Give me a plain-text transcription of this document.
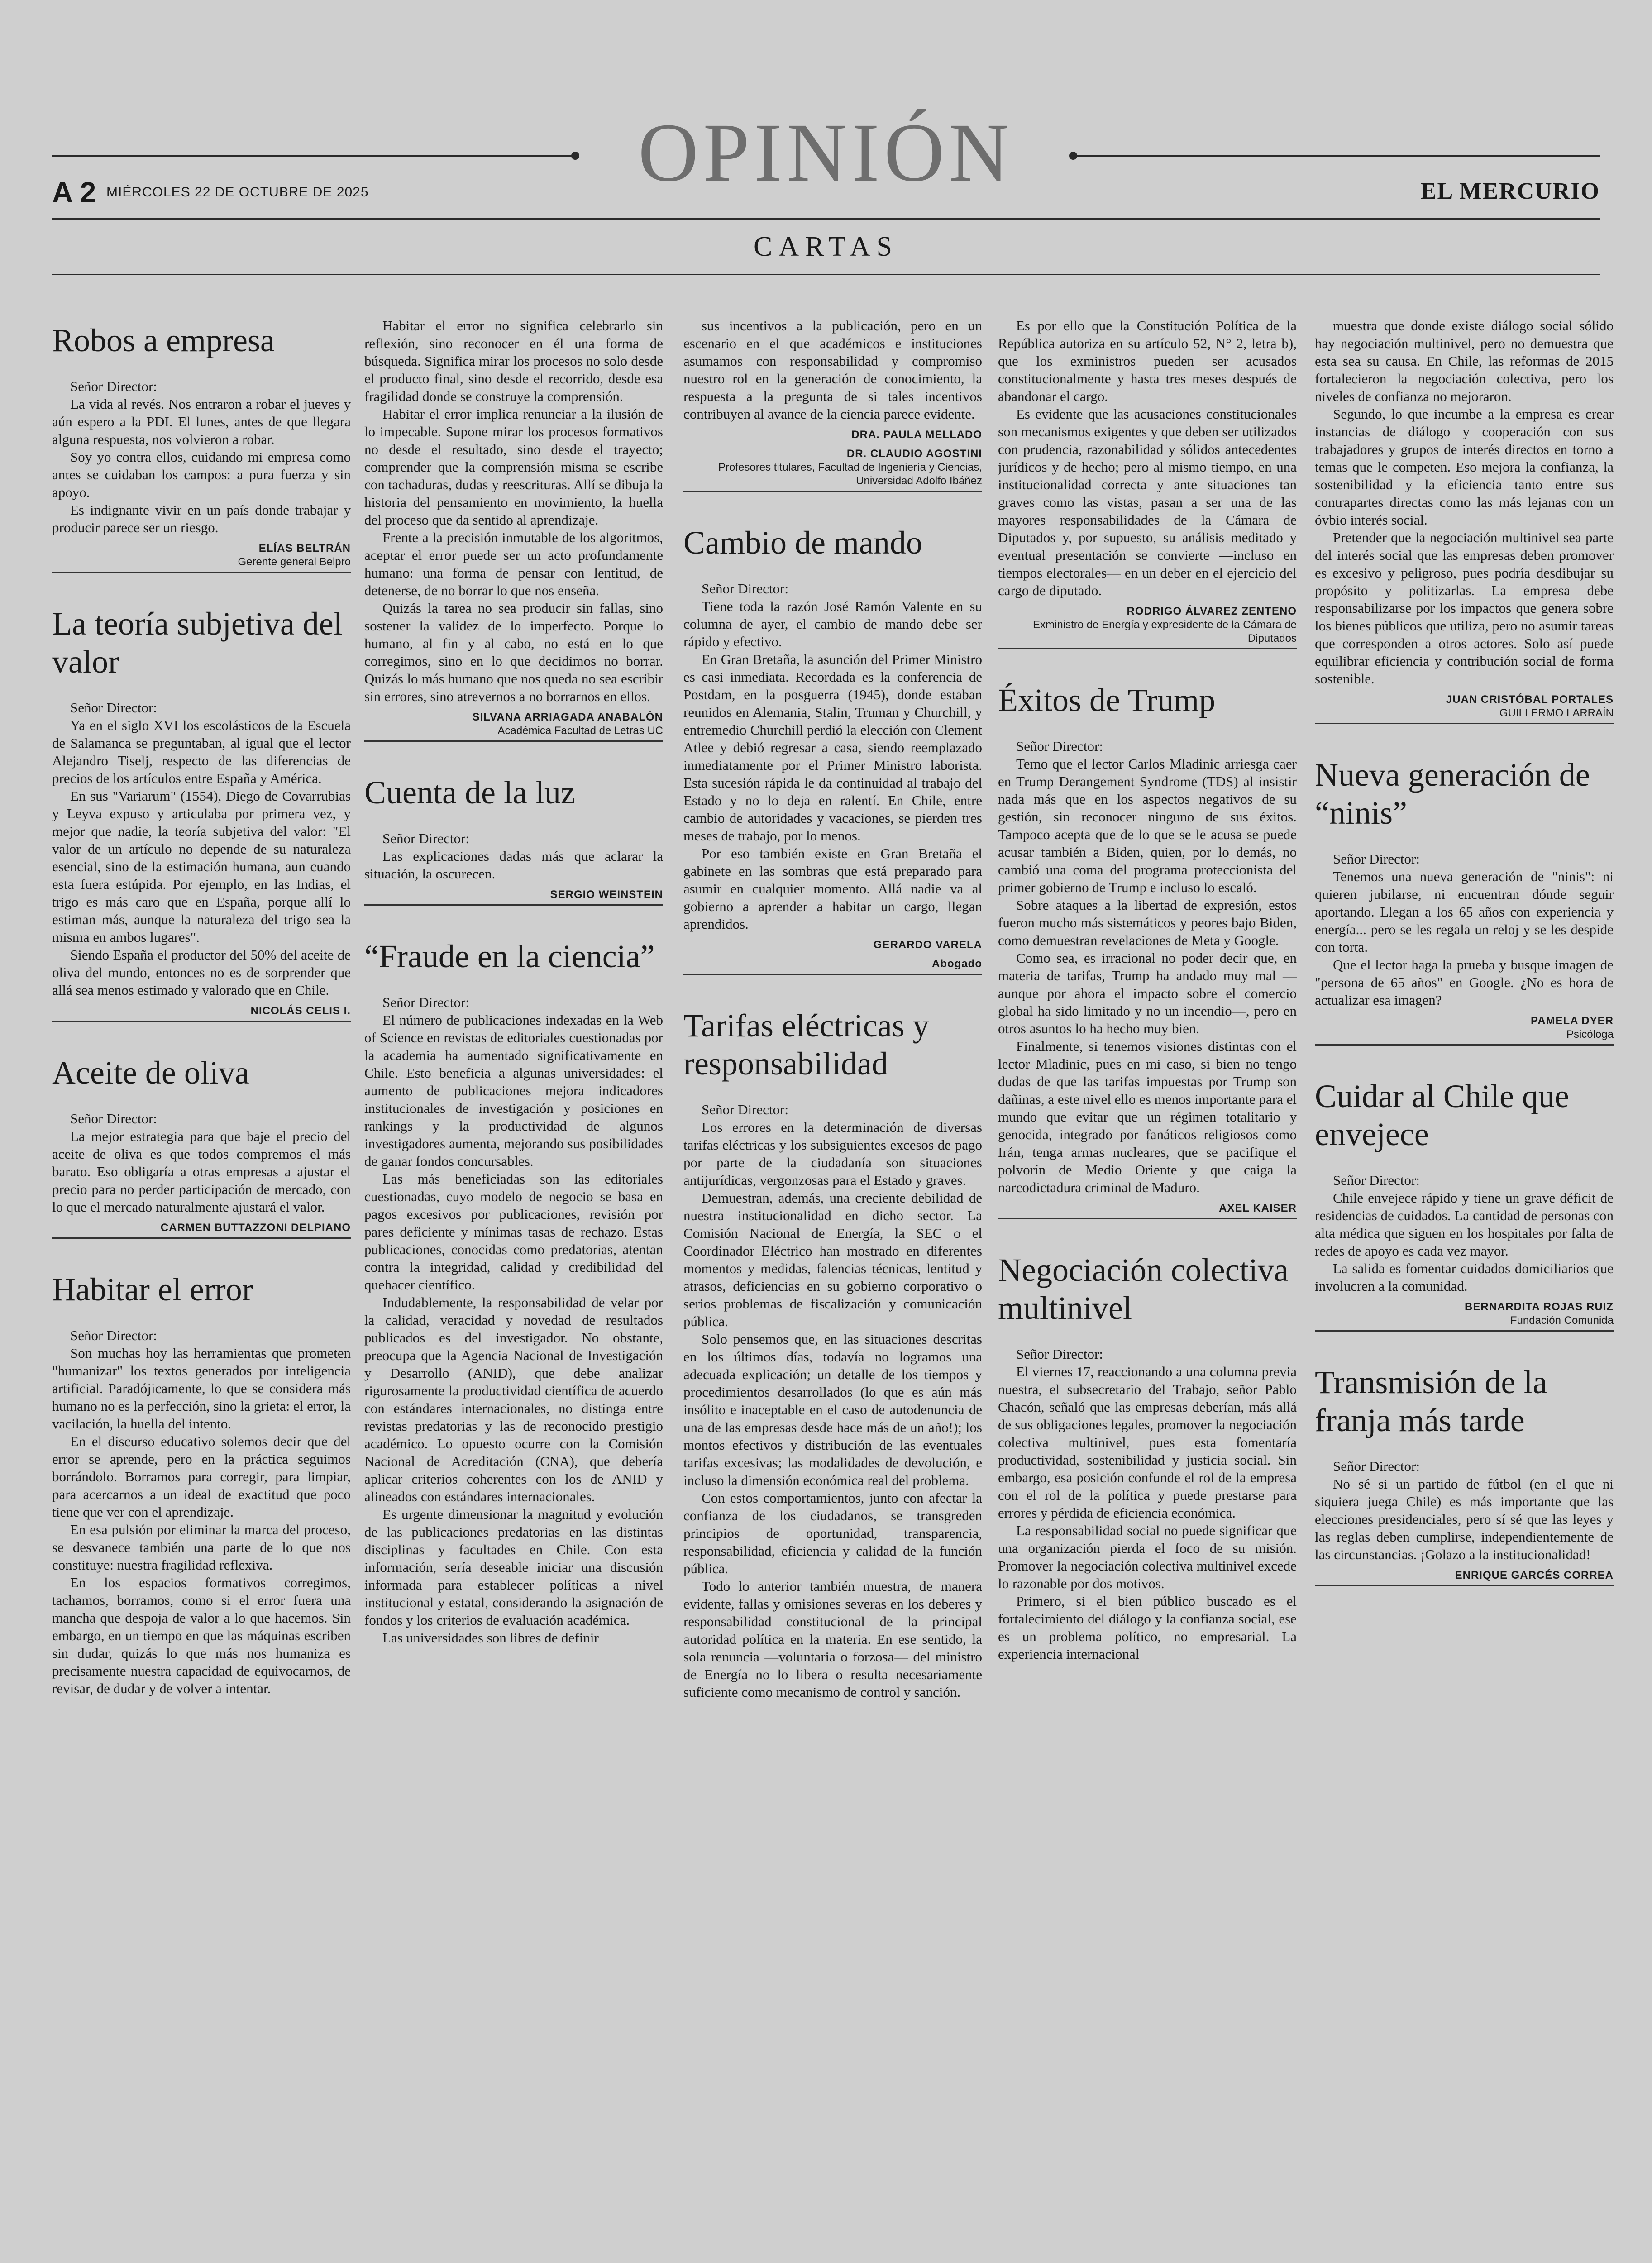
OPINIÓN
A 2 MIÉRCOLES 22 DE OCTUBRE DE 2025	EL MERCURIO
CARTAS
Robos a empresa
Señor Director:

La vida al revés. Nos entraron a robar el jueves y aún espero a la PDI. El lunes, antes de que llegara alguna respuesta, nos volvieron a robar.

Soy yo contra ellos, cuidando mi empresa como antes se cuidaban los campos: a pura fuerza y sin apoyo.

Es indignante vivir en un país donde trabajar y producir parece ser un riesgo.

ELÍAS BELTRÁN
Gerente general Belpro
La teoría subjetiva del valor
Señor Director:

Ya en el siglo XVI los escolásticos de la Escuela de Salamanca se preguntaban, al igual que el lector Alejandro Tiselj, respecto de las diferencias de precios de los artículos entre España y América.

En sus "Variarum" (1554), Diego de Covarrubias y Leyva expuso y articulaba por primera vez, y mejor que nadie, la teoría subjetiva del valor: "El valor de un artículo no depende de su naturaleza esencial, sino de la estimación humana, aun cuando esta fuera estúpida. Por ejemplo, en las Indias, el trigo es más caro que en España, porque allí lo estiman más, aunque la naturaleza del trigo sea la misma en ambos lugares".

Siendo España el productor del 50% del aceite de oliva del mundo, entonces no es de sorprender que allá sea menos estimado y valorado que en Chile.

NICOLÁS CELIS I.
Aceite de oliva
Señor Director:

La mejor estrategia para que baje el precio del aceite de oliva es que todos compremos el más barato. Eso obligaría a otras empresas a ajustar el precio para no perder participación de mercado, con lo que el mercado naturalmente ajustará el valor.

CARMEN BUTTAZZONI DELPIANO
Habitar el error
Señor Director:

Son muchas hoy las herramientas que prometen "humanizar" los textos generados por inteligencia artificial. Paradójicamente, lo que se considera más humano no es la perfección, sino la grieta: el error, la vacilación, la huella del intento.

En el discurso educativo solemos decir que del error se aprende, pero en la práctica seguimos borrándolo. Borramos para corregir, para limpiar, para acercarnos a un ideal de exactitud que poco tiene que ver con el aprendizaje.

En esa pulsión por eliminar la marca del proceso, se desvanece también una parte de lo que nos constituye: nuestra fragilidad reflexiva.

En los espacios formativos corregimos, tachamos, borramos, como si el error fuera una mancha que despoja de valor a lo que hacemos. Sin embargo, en un tiempo en que las máquinas escriben sin dudar, quizás lo que más nos humaniza es precisamente nuestra capacidad de equivocarnos, de revisar, de dudar y de volver a intentar.

Habitar el error no significa celebrarlo sin reflexión, sino reconocer en él una forma de búsqueda. Significa mirar los procesos no solo desde el producto final, sino desde el recorrido, desde esa fragilidad donde se construye la comprensión.

Habitar el error implica renunciar a la ilusión de lo impecable. Supone mirar los procesos formativos no desde el resultado, sino desde el trayecto; comprender que la comprensión misma se escribe con tachaduras, dudas y reescrituras. Allí se dibuja la historia del pensamiento en movimiento, la huella del proceso que da sentido al aprendizaje.

Frente a la precisión inmutable de los algoritmos, aceptar el error puede ser un acto profundamente humano: una forma de pensar con lentitud, de detenerse, de no borrar lo que nos enseña.

Quizás la tarea no sea producir sin fallas, sino sostener la validez de lo imperfecto. Porque lo humano, al fin y al cabo, no está en lo que corregimos, sino en lo que decidimos no borrar. Quizás lo más humano que nos queda no sea escribir sin errores, sino atrevernos a no borrarnos en ellos.

SILVANA ARRIAGADA ANABALÓN
Académica Facultad de Letras UC
Cuenta de la luz
Señor Director:

Las explicaciones dadas más que aclarar la situación, la oscurecen.

SERGIO WEINSTEIN
“Fraude en la ciencia”
Señor Director:

El número de publicaciones indexadas en la Web of Science en revistas de editoriales cuestionadas por la academia ha aumentado significativamente en Chile. Esto beneficia a algunas universidades: el aumento de publicaciones mejora indicadores institucionales de investigación y posiciones en rankings y la productividad de algunos investigadores aumenta, mejorando sus posibilidades de ganar fondos concursables.

Las más beneficiadas son las editoriales cuestionadas, cuyo modelo de negocio se basa en pagos excesivos por publicaciones, revisión por pares deficiente y mínimas tasas de rechazo. Estas publicaciones, conocidas como predatorias, atentan contra la integridad, calidad y credibilidad del quehacer científico.

Indudablemente, la responsabilidad de velar por la calidad, veracidad y novedad de resultados publicados es del investigador. No obstante, preocupa que la Agencia Nacional de Investigación y Desarrollo (ANID), que debe analizar rigurosamente la productividad científica de acuerdo con estándares internacionales, no distinga entre revistas predatorias y las de reconocido prestigio académico. Lo opuesto ocurre con la Comisión Nacional de Acreditación (CNA), que debería aplicar criterios coherentes con los de ANID y alineados con estándares internacionales.

Es urgente dimensionar la magnitud y evolución de las publicaciones predatorias en las distintas disciplinas y facultades en Chile. Con esta información, sería deseable iniciar una discusión informada para establecer políticas a nivel institucional y estatal, considerando la asignación de fondos y los criterios de evaluación académica.

Las universidades son libres de definir

sus incentivos a la publicación, pero en un escenario en el que académicos e instituciones asumamos con responsabilidad y compromiso nuestro rol en la generación de conocimiento, la respuesta a la pregunta de si tales incentivos contribuyen al avance de la ciencia parece evidente.

DRA. PAULA MELLADO
DR. CLAUDIO AGOSTINI
Profesores titulares, Facultad de Ingeniería y Ciencias, Universidad Adolfo Ibáñez
Cambio de mando
Señor Director:

Tiene toda la razón José Ramón Valente en su columna de ayer, el cambio de mando debe ser rápido y efectivo.

En Gran Bretaña, la asunción del Primer Ministro es casi inmediata. Recordada es la conferencia de Postdam, en la posguerra (1945), donde estaban reunidos en Alemania, Stalin, Truman y Churchill, y entremedio Churchill perdió la elección con Clement Atlee y debió regresar a casa, siendo reemplazado inmediatamente por el Primer Ministro laborista. Esta sucesión rápida le da continuidad al trabajo del Estado y no lo deja en ralentí. En Chile, entre cambio de autoridades y vacaciones, se pierden tres meses de trabajo, por lo menos.

Por eso también existe en Gran Bretaña el gabinete en las sombras que está preparado para asumir en cualquier momento. Allá nadie va al gobierno a aprender a habitar un cargo, llegan aprendidos.

GERARDO VARELA
Abogado
Tarifas eléctricas y responsabilidad
Señor Director:

Los errores en la determinación de diversas tarifas eléctricas y los subsiguientes excesos de pago por parte de la ciudadanía son situaciones antijurídicas, vergonzosas para el Estado y graves.

Demuestran, además, una creciente debilidad de nuestra institucionalidad en dicho sector. La Comisión Nacional de Energía, la SEC o el Coordinador Eléctrico han mostrado en diferentes momentos y medidas, falencias técnicas, lentitud y atrasos, deficiencias en su gobierno corporativo o serios problemas de fiscalización y comunicación pública.

Solo pensemos que, en las situaciones descritas en los últimos días, todavía no logramos una adecuada explicación; un detalle de los tiempos y procedimientos desarrollados (lo que es aún más insólito e inaceptable en el caso de autodenuncia de una de las empresas desde hace más de un año!); los montos efectivos y distribución de las eventuales tarifas excesivas; las modalidades de devolución, e incluso la dimensión económica real del problema.

Con estos comportamientos, junto con afectar la confianza de los ciudadanos, se transgreden principios de oportunidad, transparencia, responsabilidad, eficiencia y calidad de la función pública.

Todo lo anterior también muestra, de manera evidente, fallas y omisiones severas en los deberes y responsabilidad constitucional de la principal autoridad política en la materia. En ese sentido, la sola renuncia —voluntaria o forzosa— del ministro de Energía no lo libera o resulta necesariamente suficiente como mecanismo de control y sanción.

Es por ello que la Constitución Política de la República autoriza en su artículo 52, N° 2, letra b), que los exministros pueden ser acusados constitucionalmente y hasta tres meses después de abandonar el cargo.

Es evidente que las acusaciones constitucionales son mecanismos exigentes y que deben ser utilizados con prudencia, razonabilidad y sólidos antecedentes jurídicos y de hecho; pero al mismo tiempo, en una institucionalidad correcta y ante situaciones tan graves como las vistas, pasan a ser una de las mayores responsabilidades de la Cámara de Diputados y, por supuesto, su análisis meditado y eventual presentación se convierte —incluso en tiempos electorales— en un deber en el ejercicio del cargo de diputado.

RODRIGO ÁLVAREZ ZENTENO
Exministro de Energía y expresidente de la Cámara de Diputados
Éxitos de Trump
Señor Director:

Temo que el lector Carlos Mladinic arriesga caer en Trump Derangement Syndrome (TDS) al insistir nada más que en los aspectos negativos de su gestión, sin reconocer ninguno de sus éxitos. Tampoco acepta que de lo que se le acusa se puede acusar también a Biden, quien, por lo demás, no cambió una coma del programa proteccionista del primer gobierno de Trump e incluso lo escaló.

Sobre ataques a la libertad de expresión, estos fueron mucho más sistemáticos y peores bajo Biden, como demuestran revelaciones de Meta y Google.

Como sea, es irracional no poder decir que, en materia de tarifas, Trump ha andado muy mal —aunque por ahora el impacto sobre el comercio global ha sido limitado y no un incendio—, pero en otros asuntos lo ha hecho muy bien.

Finalmente, si tenemos visiones distintas con el lector Mladinic, pues en mi caso, si bien no tengo dudas de que las tarifas impuestas por Trump son dañinas, a este nivel ello es menos importante para el mundo que evitar que un régimen totalitario y genocida, integrado por fanáticos religiosos como Irán, tenga armas nucleares, que se pacifique el polvorín de Medio Oriente y que caiga la narcodictadura criminal de Maduro.

AXEL KAISER
Negociación colectiva multinivel
Señor Director:

El viernes 17, reaccionando a una columna previa nuestra, el subsecretario del Trabajo, señor Pablo Chacón, señaló que las empresas deberían, más allá de sus obligaciones legales, promover la negociación colectiva multinivel, pues esta fomentaría productividad, sostenibilidad y justicia social. Sin embargo, esa posición confunde el rol de la empresa con el rol de la política y puede prestarse para errores y pérdida de eficiencia económica.

La responsabilidad social no puede significar que una organización pierda el foco de su misión. Promover la negociación colectiva multinivel excede lo razonable por dos motivos.

Primero, si el bien público buscado es el fortalecimiento del diálogo y la confianza social, ese es un problema político, no empresarial. La experiencia internacional

muestra que donde existe diálogo social sólido hay negociación multinivel, pero no demuestra que esta sea su causa. En Chile, las reformas de 2015 fortalecieron la negociación colectiva, pero los niveles de confianza no mejoraron.

Segundo, lo que incumbe a la empresa es crear instancias de diálogo y cooperación con sus trabajadores y grupos de interés directos en torno a temas que le competen. Eso mejora la confianza, la sostenibilidad y la eficiencia tanto entre sus contrapartes directas como las más lejanas con un óvbio interés social.

Pretender que la negociación multinivel sea parte del interés social que las empresas deben promover es excesivo y peligroso, pues podría desdibujar su propósito y politizarlas. La empresa debe responsabilizarse por los impactos que genera sobre los bienes públicos que utiliza, pero no asumir tareas que corresponden a otros actores. Solo así puede equilibrar eficiencia y contribución social de forma sostenible.

JUAN CRISTÓBAL PORTALES
GUILLERMO LARRAÍN
Nueva generación de “ninis”
Señor Director:

Tenemos una nueva generación de "ninis": ni quieren jubilarse, ni encuentran dónde seguir aportando. Llegan a los 65 años con experiencia y energía... pero se les regala un reloj y se les despide con torta.

Que el lector haga la prueba y busque imagen de "persona de 65 años" en Google. ¿No es hora de actualizar esa imagen?

PAMELA DYER
Psicóloga
Cuidar al Chile que envejece
Señor Director:

Chile envejece rápido y tiene un grave déficit de residencias de cuidados. La cantidad de personas con alta médica que siguen en los hospitales por falta de redes de apoyo es cada vez mayor.

La salida es fomentar cuidados domiciliarios que involucren a la comunidad.

BERNARDITA ROJAS RUIZ
Fundación Comunida
Transmisión de la franja más tarde
Señor Director:

No sé si un partido de fútbol (en el que ni siquiera juega Chile) es más importante que las elecciones presidenciales, pero sí sé que las leyes y las reglas deben cumplirse, independientemente de las circunstancias. ¡Golazo a la institucionalidad!

ENRIQUE GARCÉS CORREA
